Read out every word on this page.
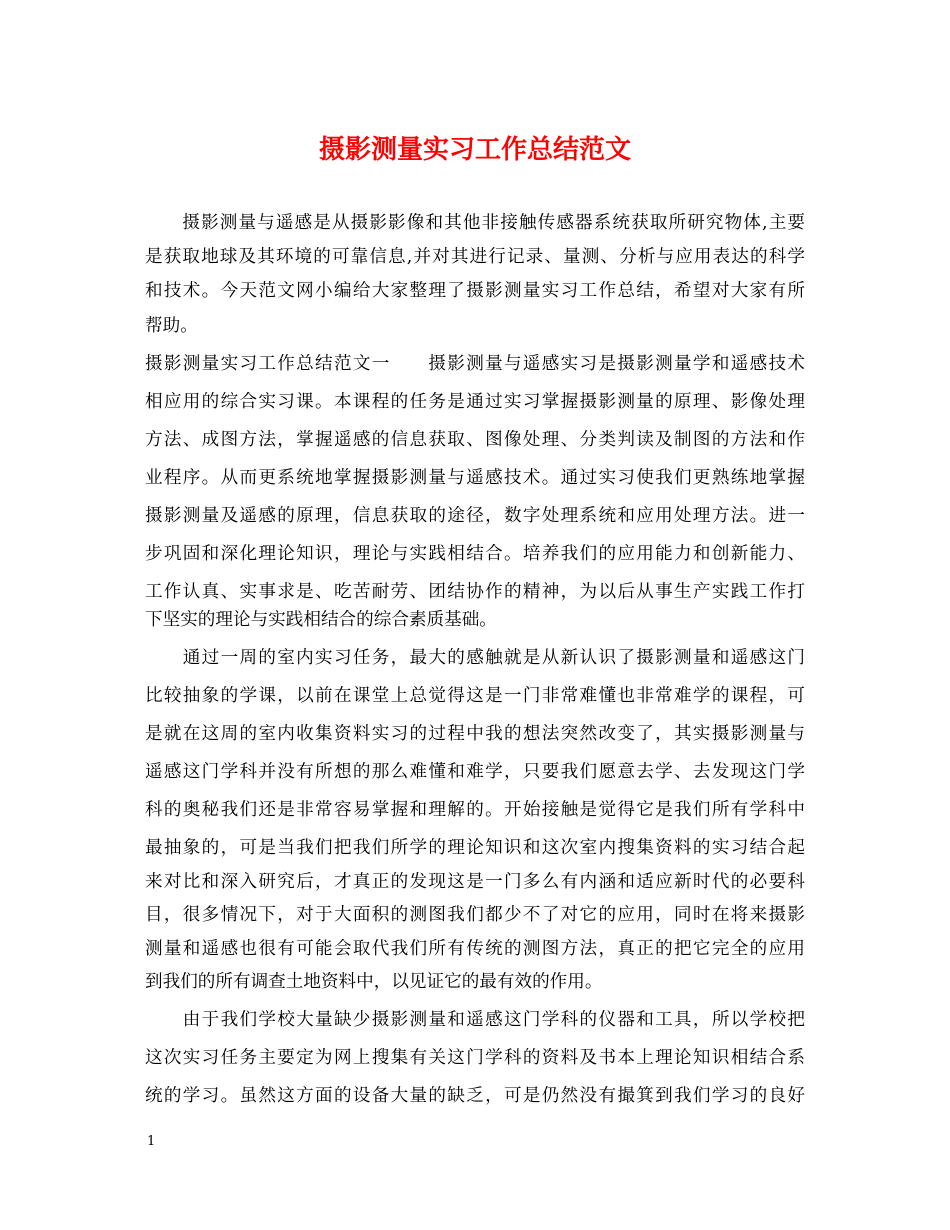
摄影测量实习工作总结范文
　　摄影测量与遥感是从摄影影像和其他非接触传感器系统获取所研究物体,主要
是获取地球及其环境的可靠信息,并对其进行记录、量测、分析与应用表达的科学
和技术。今天范文网小编给大家整理了摄影测量实习工作总结，希望对大家有所
帮助。
摄影测量实习工作总结范文一　　摄影测量与遥感实习是摄影测量学和遥感技术
相应用的综合实习课。本课程的任务是通过实习掌握摄影测量的原理、影像处理
方法、成图方法，掌握遥感的信息获取、图像处理、分类判读及制图的方法和作
业程序。从而更系统地掌握摄影测量与遥感技术。通过实习使我们更熟练地掌握
摄影测量及遥感的原理，信息获取的途径，数字处理系统和应用处理方法。进一
步巩固和深化理论知识，理论与实践相结合。培养我们的应用能力和创新能力、
工作认真、实事求是、吃苦耐劳、团结协作的精神，为以后从事生产实践工作打
下坚实的理论与实践相结合的综合素质基础。
　　通过一周的室内实习任务，最大的感触就是从新认识了摄影测量和遥感这门
比较抽象的学课，以前在课堂上总觉得这是一门非常难懂也非常难学的课程，可
是就在这周的室内收集资料实习的过程中我的想法突然改变了，其实摄影测量与
遥感这门学科并没有所想的那么难懂和难学，只要我们愿意去学、去发现这门学
科的奥秘我们还是非常容易掌握和理解的。开始接触是觉得它是我们所有学科中
最抽象的，可是当我们把我们所学的理论知识和这次室内搜集资料的实习结合起
来对比和深入研究后，才真正的发现这是一门多么有内涵和适应新时代的必要科
目，很多情况下，对于大面积的测图我们都少不了对它的应用，同时在将来摄影
测量和遥感也很有可能会取代我们所有传统的测图方法，真正的把它完全的应用
到我们的所有调查土地资料中，以见证它的最有效的作用。
　　由于我们学校大量缺少摄影测量和遥感这门学科的仪器和工具，所以学校把
这次实习任务主要定为网上搜集有关这门学科的资料及书本上理论知识相结合系
统的学习。虽然这方面的设备大量的缺乏，可是仍然没有撮箕到我们学习的良好
1
